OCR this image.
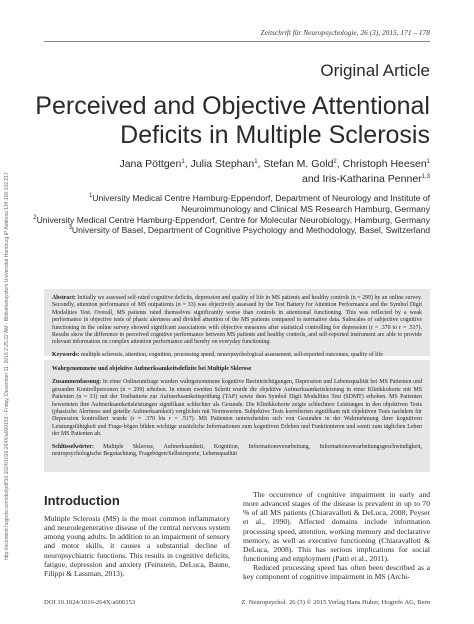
http://econtent.hogrefe.com/doi/pdf/10.1024/1016-264X/a000153 - Friday, December 11, 2015 2:25:22 AM - Bibliotheksystem Universitat Hamburg IP Address:134.100.102.217
Zeitschrift für Neuropsychologie, 26 (3), 2015, 171 – 178
Original Article
Perceived and Objective Attentional Deficits in Multiple Sclerosis

Jana Pöttgen$^1$, Julia Stephan$^1$, Stefan M. Gold$^2$, Christoph Heesen$^1$

and Iris-Katharina Penner$^{1,3}$

$^1$University Medical Centre Hamburg-Eppendorf, Department of Neurology and Institute of Neuroimmunology and Clinical MS Research Hamburg, Germany

$^2$University Medical Centre Hamburg-Eppendorf, Centre for Molecular Neurobiology, Hamburg, Germany

$^3$University of Basel, Department of Cognitive Psychology and Methodology, Basel, Switzerland

Abstract: Initially we assessed self-rated cognitive deficits, depression and quality of life in MS patients and healthy controls (n = 299) by an online survey. Secondly, attention performance of MS outpatients (n = 33) was objectively assessed by the Test Battery for Attention Performance and the Symbol Digit Modalities Test. Overall, MS patients rated themselves significantly worse than controls in attentional functioning. This was reflected by a weak performance in objective tests of phasic alertness and divided attention of the MS patients compared to normative data. Subscales of subjective cognitive functioning in the online survey showed significant associations with objective measures after statistical controlling for depression (r = .370 to r = .517). Results show the difference in perceived cognitive performance between MS patients and healthy controls, and self-reported instrument are able to provide relevant information on complex attention performance and hereby on everyday functioning.

Keywords: multiple sclerosis, attention, cognition, processing speed, neuropsychological assessment, self-reported outcomes, quality of life

Wahrgenommene und objektive Aufmerksamkeitsdefizite bei Multiple Sklerose

Zusammenfassung: In einer Onlineumfrage wurden wahrgenommene kognitive Beeinträchtigungen, Depression und Lebensqualität bei MS Patienten und gesunden Kontrollpersonen (n = 299) erhoben. In einem zweiten Schritt wurde die objektive Aufmerksamkeitsleistung in einer Klinikkohorte mit MS Patienten (n = 33) mit der Testbatterie zur Aufmerksamkeitsprüfung (TAP) sowie dem Symbol Digit Modalities Test (SDMT) erhoben. MS Patienten bewerteten ihre Aufmerksamkeitsleistungen signifikant schlechter als Gesunde. Die Klinikkohorte zeigte schlechtere Leistungen in den objektiven Tests (phasische Alertness und geteilte Aufmerksamkeit) verglichen mit Normwerten. Subjektive Tests korrelierten signifikant mit objektiven Tests nachdem für Depression kontrolliert wurde (r = .370 bis r = .517). MS Patienten unterscheiden sich von Gesunden in der Wahrnehmung ihrer kognitiven Leistungsfähigkeit und Frage-bögen bilden wichtige zusätzliche Informationen zum kognitiven Erleben und Funktionieren und somit zum täglichen Leben der MS Patienten ab.

Schlüsselwörter: Multiple Sklerose, Aufmerksamkeit, Kognition, Informationsverarbeitung, Informationsverarbeitungsgeschwindigkeit, neuropsychologische Begutachtung, Fragebögen/Selbstreporte, Lebensqualität

Introduction

Multiple Sclerosis (MS) is the most common inflammatory and neurodegenerative disease of the central nervous system among young adults. In addition to an impairment of sensory and motor skills, it causes a substantial decline of neuropsychiatric functions. This results in cognitive deficits, fatigue, depression and anxiety (Feinstein, DeLuca, Baune, Filippi & Lassman, 2013).

The occurrence of cognitive impairment in early and more advanced stages of the disease is prevalent in up to 70 % of all MS patients (Chiaravalloti & DeLuca, 2008; Peyser et al., 1990). Affected domains include information processing speed, attention, working memory and declarative memory, as well as executive functioning (Chiaravalloti & DeLuca, 2008). This has serious implications for social functioning and employment (Patti et al., 2011).

Reduced processing speed has often been described as a key component of cognitive impairment in MS (Archi-

DOI 10.1024/1016-264X/a000153	Z. Neuropsychol. 26 (3) © 2015 Verlag Hans Huber, Hogrefe AG, Bern
